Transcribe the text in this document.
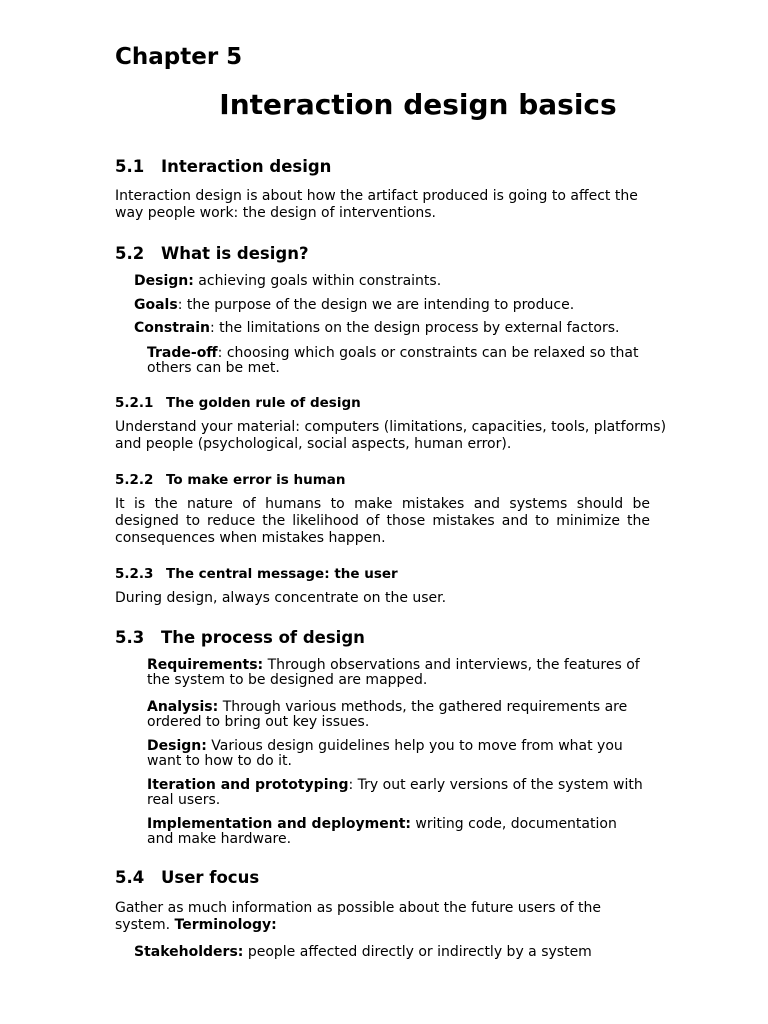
Chapter 5
Interaction design basics
5.1 Interaction design

Interaction design is about how the artifact produced is going to affect the way people work: the design of interventions.

5.2 What is design?

Design: achieving goals within constraints.

Goals: the purpose of the design we are intending to produce.

Constrain: the limitations on the design process by external factors.

Trade-off: choosing which goals or constraints can be relaxed so that others can be met.

5.2.1 The golden rule of design

Understand your material: computers (limitations, capacities, tools, platforms) and people (psychological, social aspects, human error).

5.2.2 To make error is human

It is the nature of humans to make mistakes and systems should be designed to reduce the likelihood of those mistakes and to minimize the consequences when mistakes happen.

5.2.3 The central message: the user

During design, always concentrate on the user.

5.3 The process of design

Requirements: Through observations and interviews, the features of the system to be designed are mapped.

Analysis: Through various methods, the gathered requirements are ordered to bring out key issues.

Design: Various design guidelines help you to move from what you want to how to do it.

Iteration and prototyping: Try out early versions of the system with real users.

Implementation and deployment: writing code, documentation and make hardware.

5.4 User focus

Gather as much information as possible about the future users of the system. Terminology:

Stakeholders: people affected directly or indirectly by a system
